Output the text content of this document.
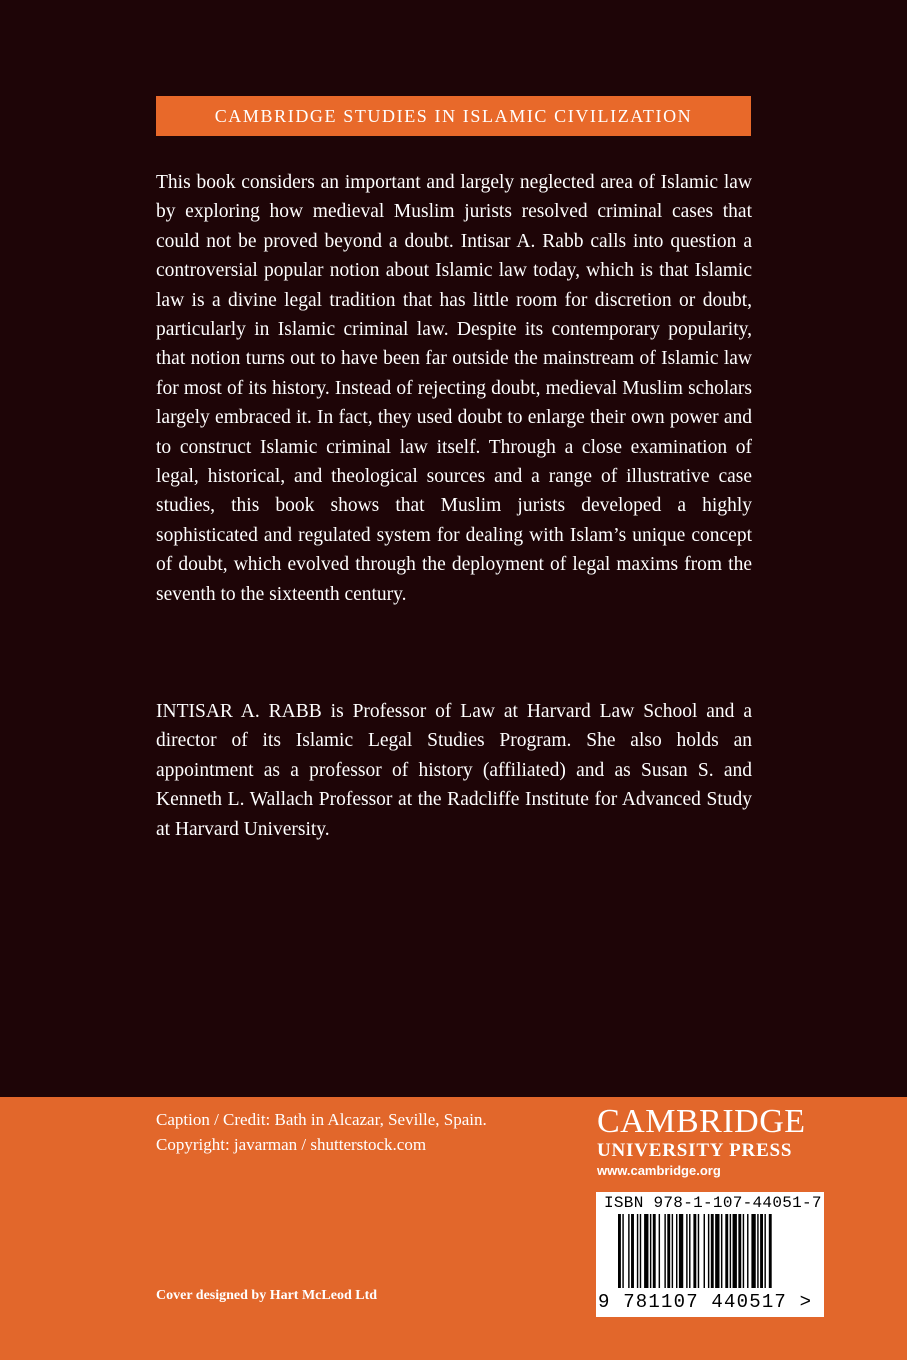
CAMBRIDGE STUDIES IN ISLAMIC CIVILIZATION

This book considers an important and largely neglected area of Islamic law by exploring how medieval Muslim jurists resolved criminal cases that could not be proved beyond a doubt. Intisar A. Rabb calls into question a controversial popular notion about Islamic law today, which is that Islamic law is a divine legal tradition that has little room for discretion or doubt, particularly in Islamic criminal law. Despite its contemporary popularity, that notion turns out to have been far outside the mainstream of Islamic law for most of its history. Instead of rejecting doubt, medieval Muslim scholars largely embraced it. In fact, they used doubt to enlarge their own power and to construct Islamic criminal law itself. Through a close examination of legal, historical, and theological sources and a range of illustrative case studies, this book shows that Muslim jurists developed a highly sophisticated and regulated system for dealing with Islam’s unique concept of doubt, which evolved through the deployment of legal maxims from the seventh to the sixteenth century.

INTISAR A. RABB is Professor of Law at Harvard Law School and a director of its Islamic Legal Studies Program. She also holds an appointment as a professor of history (affiliated) and as Susan S. and Kenneth L. Wallach Professor at the Radcliffe Institute for Advanced Study at Harvard University.

Caption / Credit: Bath in Alcazar, Seville, Spain.
Copyright: javarman / shutterstock.com
Cover designed by Hart McLeod Ltd
CAMBRIDGE
UNIVERSITY PRESS
www.cambridge.org
ISBN 978-1-107-44051-7
9 781107 440517 >
